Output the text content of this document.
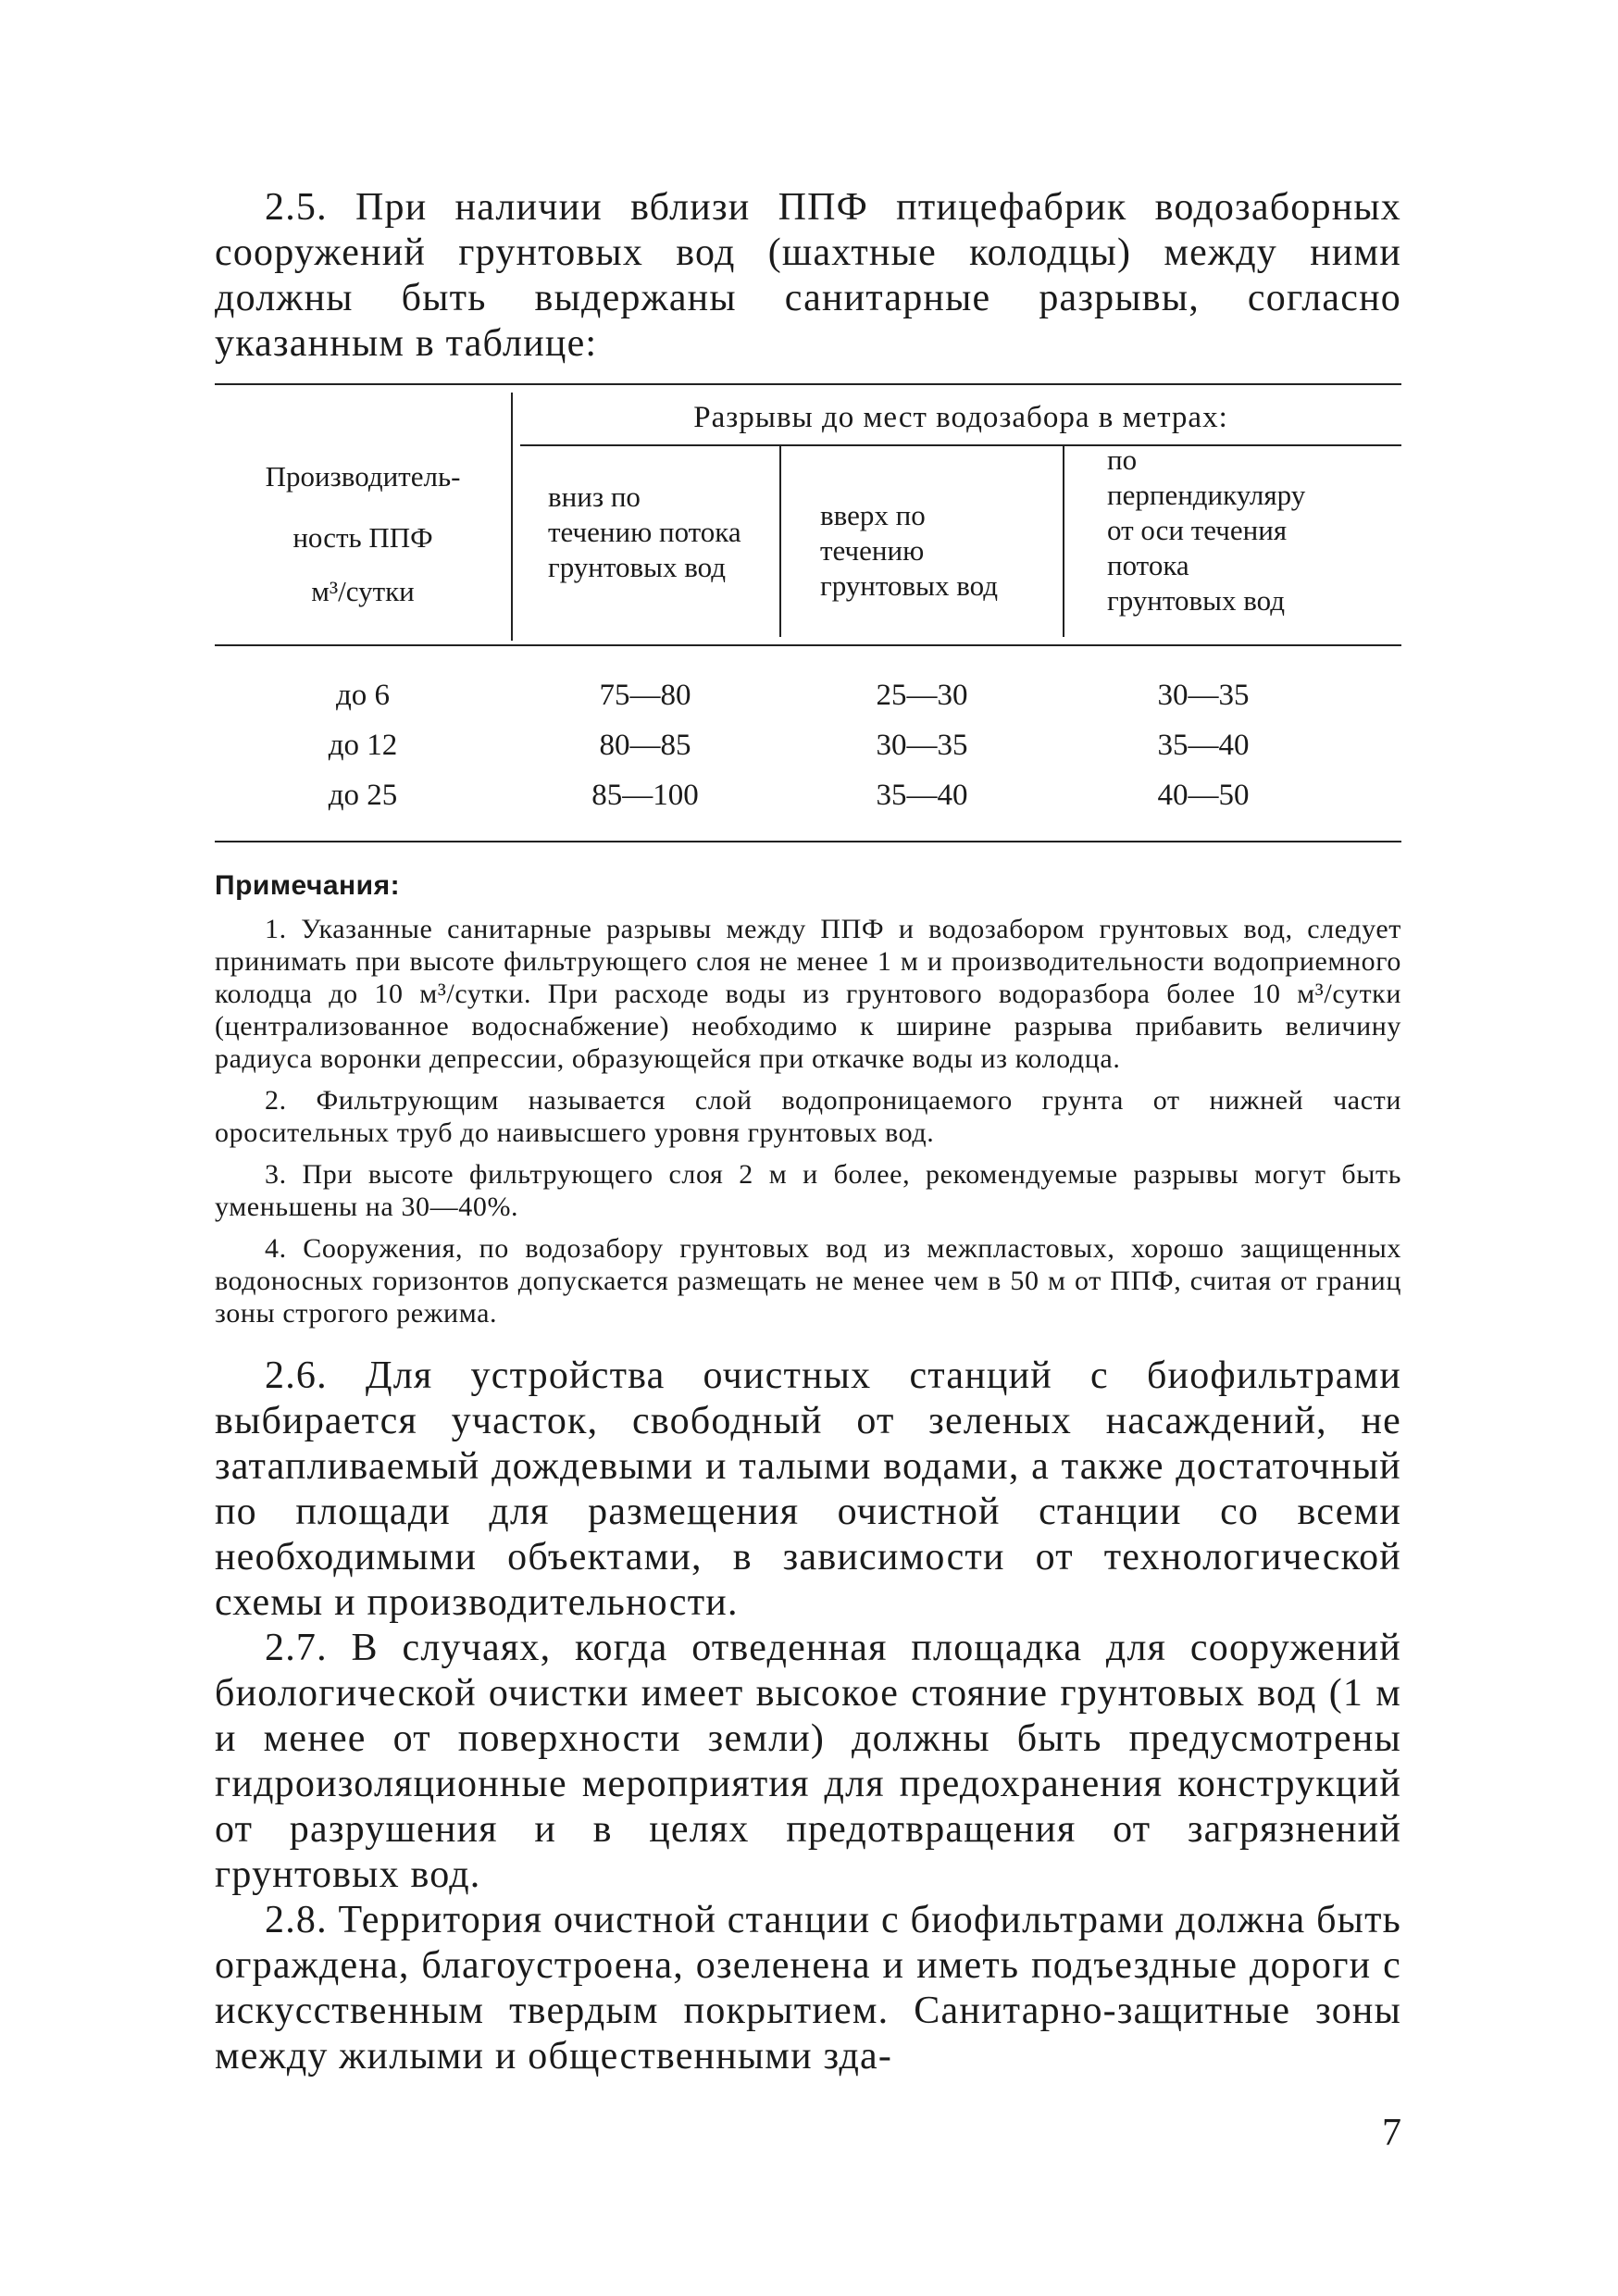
2.5. При наличии вблизи ППФ птицефабрик водозаборных сооружений грунтовых вод (шахтные колодцы) между ними должны быть выдержаны санитарные разрывы, согласно указанным в таблице:

Разрывы до мест водозабора в метрах:
Производитель-
ность ППФ
м³/сутки
вниз по течению потока грунтовых вод
вверх по течению грунтовых вод
по перпендикуляру от оси течения потока грунтовых вод
до 6	75—80	25—30	30—35
до 12	80—85	30—35	35—40
до 25	85—100	35—40	40—50

Примечания:

1. Указанные санитарные разрывы между ППФ и водозабором грунтовых вод, следует принимать при высоте фильтрующего слоя не менее 1 м и производительности водоприемного колодца до 10 м³/сутки. При расходе воды из грунтового водоразбора более 10 м³/сутки (централизованное водоснабжение) необходимо к ширине разрыва прибавить величину радиуса воронки депрессии, образующейся при откачке воды из колодца.

2. Фильтрующим называется слой водопроницаемого грунта от нижней части оросительных труб до наивысшего уровня грунтовых вод.

3. При высоте фильтрующего слоя 2 м и более, рекомендуемые разрывы могут быть уменьшены на 30—40%.

4. Сооружения, по водозабору грунтовых вод из межпластовых, хорошо защищенных водоносных горизонтов допускается размещать не менее чем в 50 м от ППФ, считая от границ зоны строгого режима.

2.6. Для устройства очистных станций с биофильтрами выбирается участок, свободный от зеленых насаждений, не затапливаемый дождевыми и талыми водами, а также достаточный по площади для размещения очистной станции со всеми необходимыми объектами, в зависимости от технологической схемы и производительности.

2.7. В случаях, когда отведенная площадка для сооружений биологической очистки имеет высокое стояние грунтовых вод (1 м и менее от поверхности земли) должны быть предусмотрены гидроизоляционные мероприятия для предохранения конструкций от разрушения и в целях предотвращения от загрязнений грунтовых вод.

2.8. Территория очистной станции с биофильтрами должна быть ограждена, благоустроена, озеленена и иметь подъездные дороги с искусственным твердым покрытием. Санитарно-защитные зоны между жилыми и общественными зда-

7
